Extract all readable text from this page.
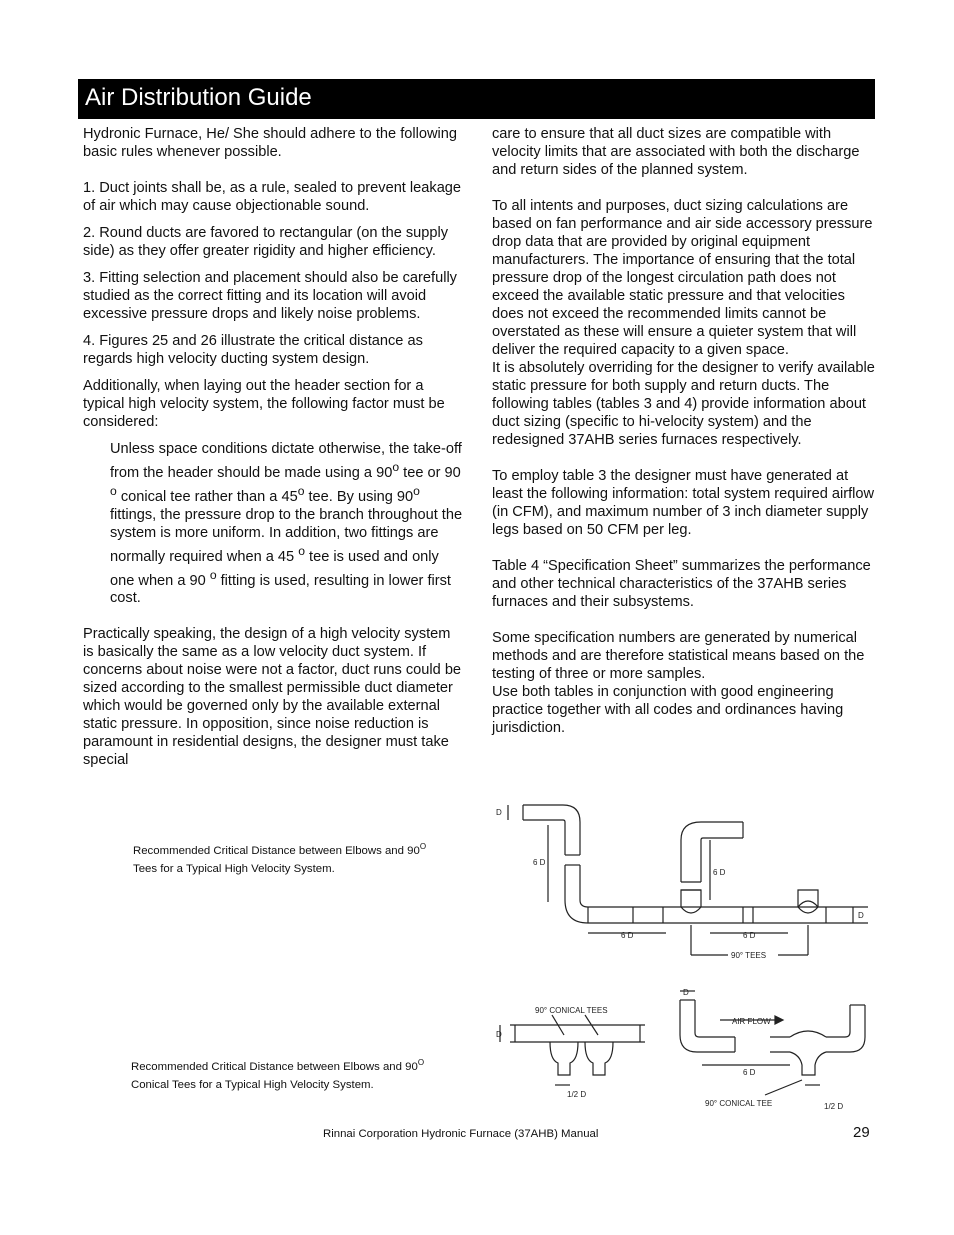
Air Distribution Guide

Hydronic Furnace, He/ She should adhere to the following basic rules whenever possible.

1. Duct joints shall be, as a rule, sealed to prevent leakage of air which may cause objectionable sound.

2. Round ducts are favored to rectangular (on the supply side) as they offer greater rigidity and higher efficiency.

3. Fitting selection and placement should also be carefully studied as the correct fitting and its location will avoid excessive pressure drops and likely noise problems.

4. Figures 25 and 26 illustrate the critical distance as regards high velocity ducting system design.

Additionally, when laying out the header section for a typical high velocity system, the following factor must be considered:

Unless space conditions dictate otherwise, the take-off from the header should be made using a 90$^o$ tee or 90 $^o$ conical tee rather than a 45$^o$ tee. By using 90$^o$ fittings, the pressure drop to the branch throughout the system is more uniform. In addition, two fittings are normally required when a 45 $^o$ tee is used and only one when a 90 $^o$ fitting is used, resulting in lower first cost.

Practically speaking, the design of a high velocity system is basically the same as a low velocity duct system. If concerns about noise were not a factor, duct runs could be sized according to the smallest permissible duct diameter which would be governed only by the available external static pressure. In opposition, since noise reduction is paramount in residential designs, the designer must take special

care to ensure that all duct sizes are compatible with velocity limits that are associated with both the discharge and return sides of the planned system.

To all intents and purposes, duct sizing calculations are based on fan performance and air side accessory pressure drop data that are provided by original equipment manufacturers. The importance of ensuring that the total pressure drop of the longest circulation path does not exceed the available static pressure and that velocities does not exceed the recommended limits cannot be overstated as these will ensure a quieter system that will deliver the required capacity to a given space.

It is absolutely overriding for the designer to verify available static pressure for both supply and return ducts. The following tables (tables 3 and 4) provide information about duct sizing (specific to hi-velocity system) and the redesigned 37AHB series furnaces respectively.

To employ table 3 the designer must have generated at least the following information: total system required airflow (in CFM), and maximum number of 3 inch diameter supply legs based on 50 CFM per leg.

Table 4 “Specification Sheet” summarizes the performance and other technical characteristics of the 37AHB series furnaces and their subsystems.

Some specification numbers are generated by numerical methods and are therefore statistical means based on the testing of three or more samples.

Use both tables in conjunction with good engineering practice together with all codes and ordinances having jurisdiction.

Recommended Critical Distance between Elbows and $90^O$
Tees for a Typical High Velocity System.
Recommended Critical Distance between Elbows and $90^O$
Conical Tees for a Typical High Velocity System.
D
6 D
6 D
6 D	6 D
D
90° TEES
90° CONICAL TEES
D
1/2 D
D
AIR FLOW
6 D
90° CONICAL TEE	1/2 D
Rinnai Corporation Hydronic Furnace (37AHB) Manual	29
